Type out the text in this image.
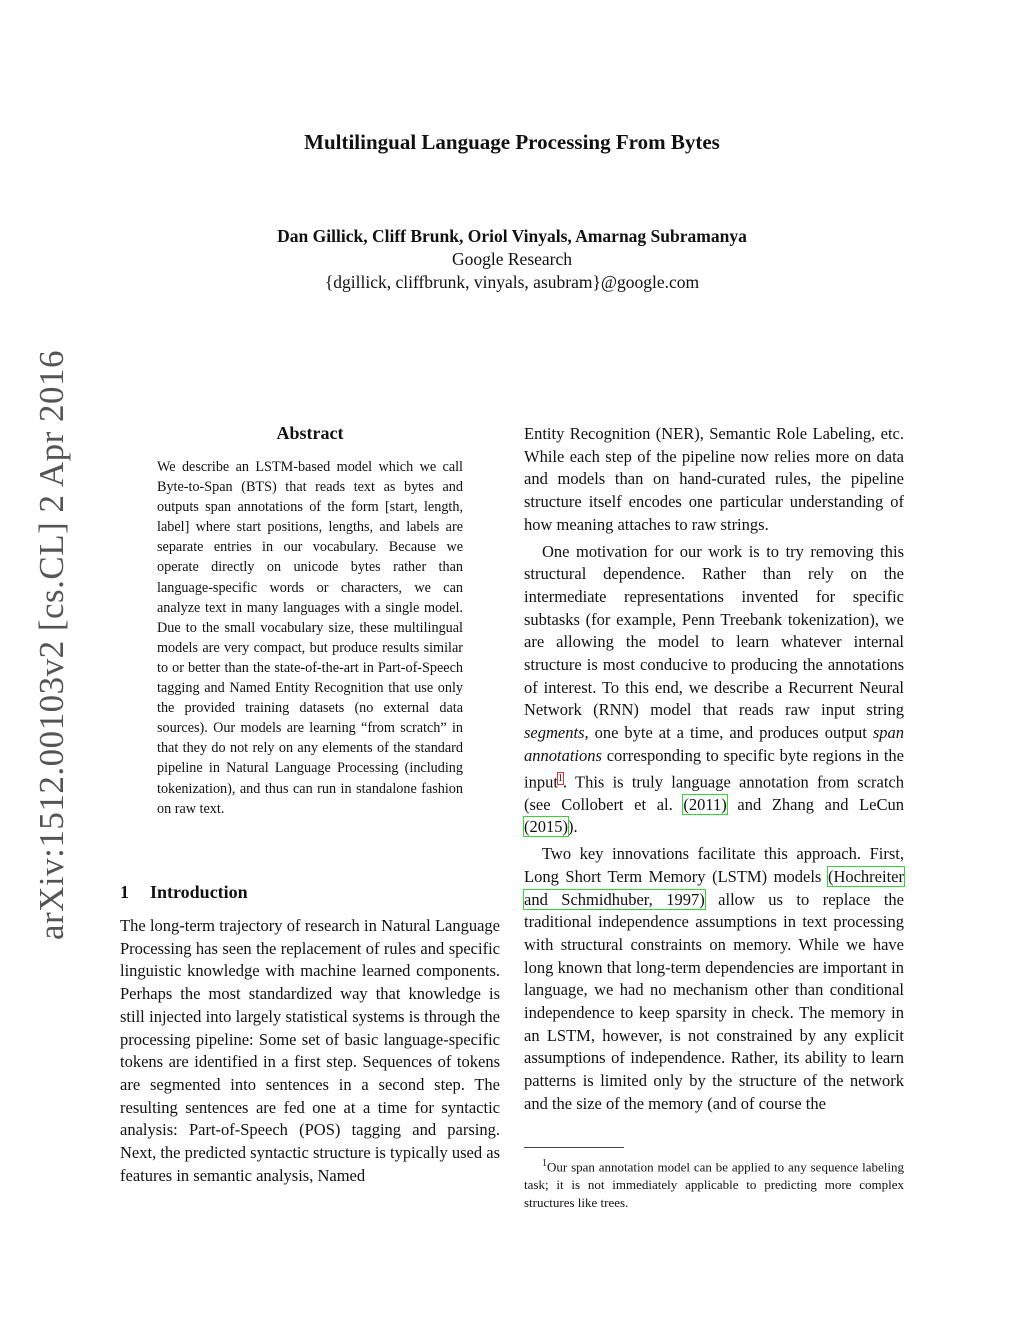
arXiv:1512.00103v2 [cs.CL] 2 Apr 2016
Multilingual Language Processing From Bytes
Dan Gillick, Cliff Brunk, Oriol Vinyals, Amarnag Subramanya
Google Research
{dgillick, cliffbrunk, vinyals, asubram}@google.com
Abstract

We describe an LSTM-based model which we call Byte-to-Span (BTS) that reads text as bytes and outputs span annotations of the form [start, length, label] where start positions, lengths, and labels are separate entries in our vocabulary. Because we operate directly on unicode bytes rather than language-specific words or characters, we can analyze text in many languages with a single model. Due to the small vocabulary size, these multilingual models are very compact, but produce results similar to or better than the state-of-the-art in Part-of-Speech tagging and Named Entity Recognition that use only the provided training datasets (no external data sources). Our models are learning “from scratch” in that they do not rely on any elements of the standard pipeline in Natural Language Processing (including tokenization), and thus can run in standalone fashion on raw text.

1 Introduction

The long-term trajectory of research in Natural Language Processing has seen the replacement of rules and specific linguistic knowledge with machine learned components. Perhaps the most standardized way that knowledge is still injected into largely statistical systems is through the processing pipeline: Some set of basic language-specific tokens are identified in a first step. Sequences of tokens are segmented into sentences in a second step. The resulting sentences are fed one at a time for syntactic analysis: Part-of-Speech (POS) tagging and parsing. Next, the predicted syntactic structure is typically used as features in semantic analysis, Named

Entity Recognition (NER), Semantic Role Labeling, etc. While each step of the pipeline now relies more on data and models than on hand-curated rules, the pipeline structure itself encodes one particular understanding of how meaning attaches to raw strings.

One motivation for our work is to try removing this structural dependence. Rather than rely on the intermediate representations invented for specific subtasks (for example, Penn Treebank tokenization), we are allowing the model to learn whatever internal structure is most conducive to producing the annotations of interest. To this end, we describe a Recurrent Neural Network (RNN) model that reads raw input string segments, one byte at a time, and produces output span annotations corresponding to specific byte regions in the input$^1$. This is truly language annotation from scratch (see Collobert et al. (2011) and Zhang and LeCun (2015)).

Two key innovations facilitate this approach. First, Long Short Term Memory (LSTM) models (Hochreiter and Schmidhuber, 1997) allow us to replace the traditional independence assumptions in text processing with structural constraints on memory. While we have long known that long-term dependencies are important in language, we had no mechanism other than conditional independence to keep sparsity in check. The memory in an LSTM, however, is not constrained by any explicit assumptions of independence. Rather, its ability to learn patterns is limited only by the structure of the network and the size of the memory (and of course the

$^1$Our span annotation model can be applied to any sequence labeling task; it is not immediately applicable to predicting more complex structures like trees.
